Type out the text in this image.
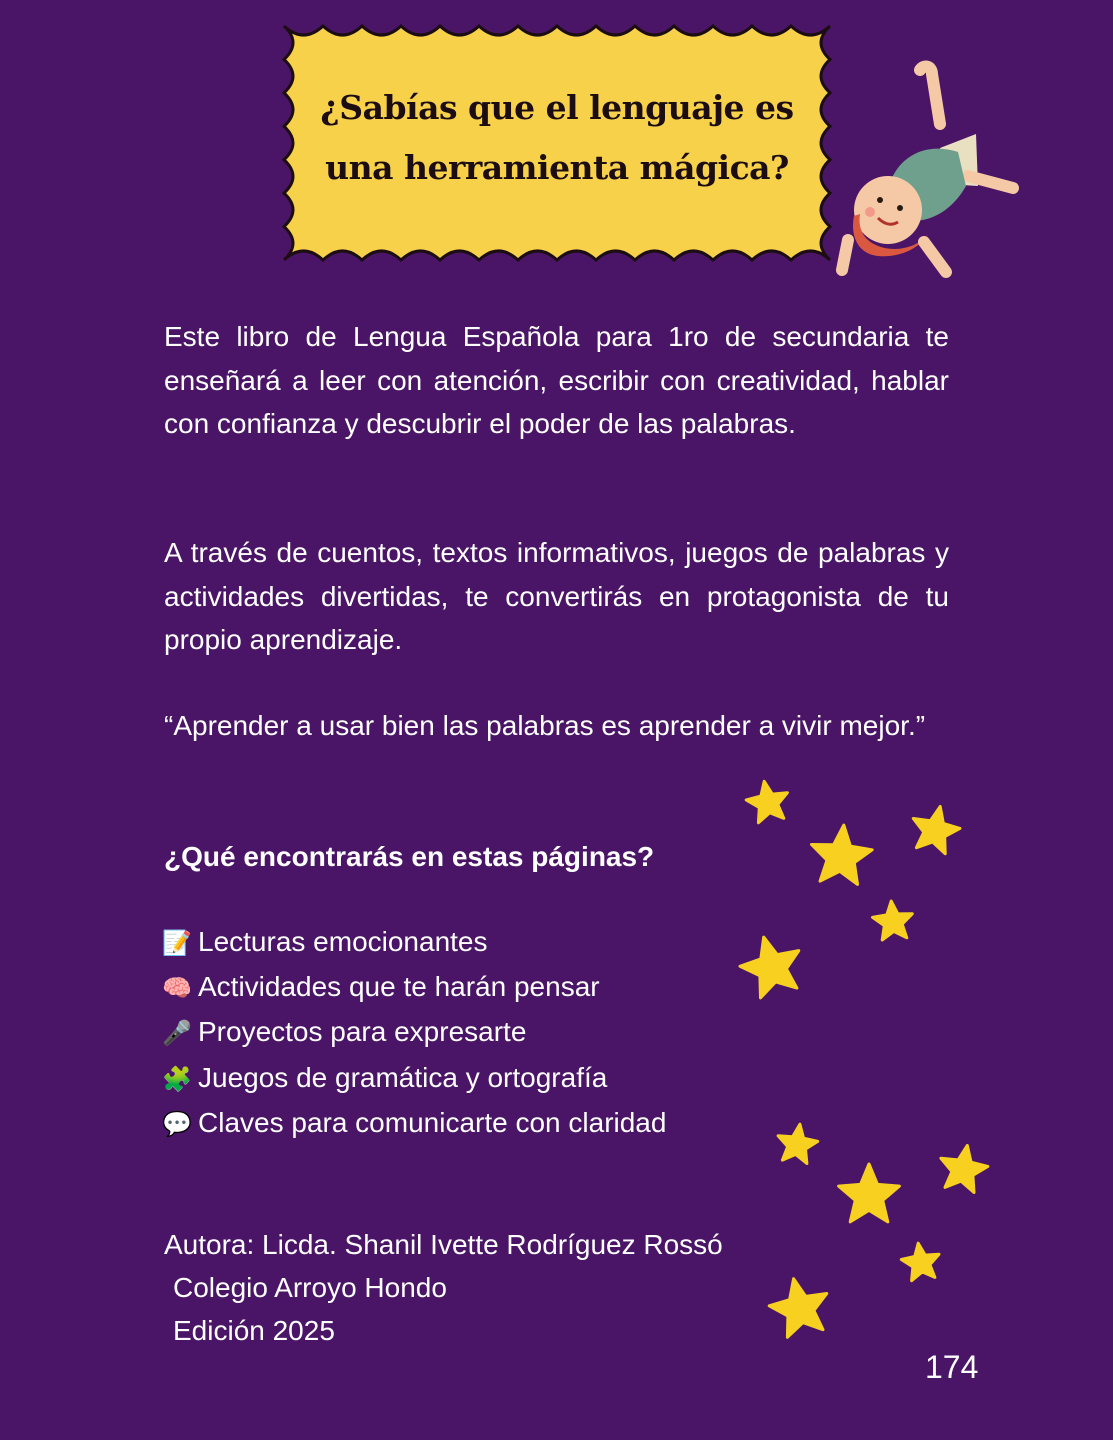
¿Sabías que el lenguaje es una herramienta mágica?

Este libro de Lengua Española para 1ro de secundaria te enseñará a leer con atención, escribir con creatividad, hablar con confianza y descubrir el poder de las palabras.

A través de cuentos, textos informativos, juegos de palabras y actividades divertidas, te convertirás en protagonista de tu propio aprendizaje.

“Aprender a usar bien las palabras es aprender a vivir mejor.”

¿Qué encontrarás en estas páginas?
📝 Lecturas emocionantes
🧠 Actividades que te harán pensar
🎤 Proyectos para expresarte
🧩 Juegos de gramática y ortografía
💬 Claves para comunicarte con claridad
Autora: Licda. Shanil Ivette Rodríguez Rossó
Colegio Arroyo Hondo
Edición 2025
174
